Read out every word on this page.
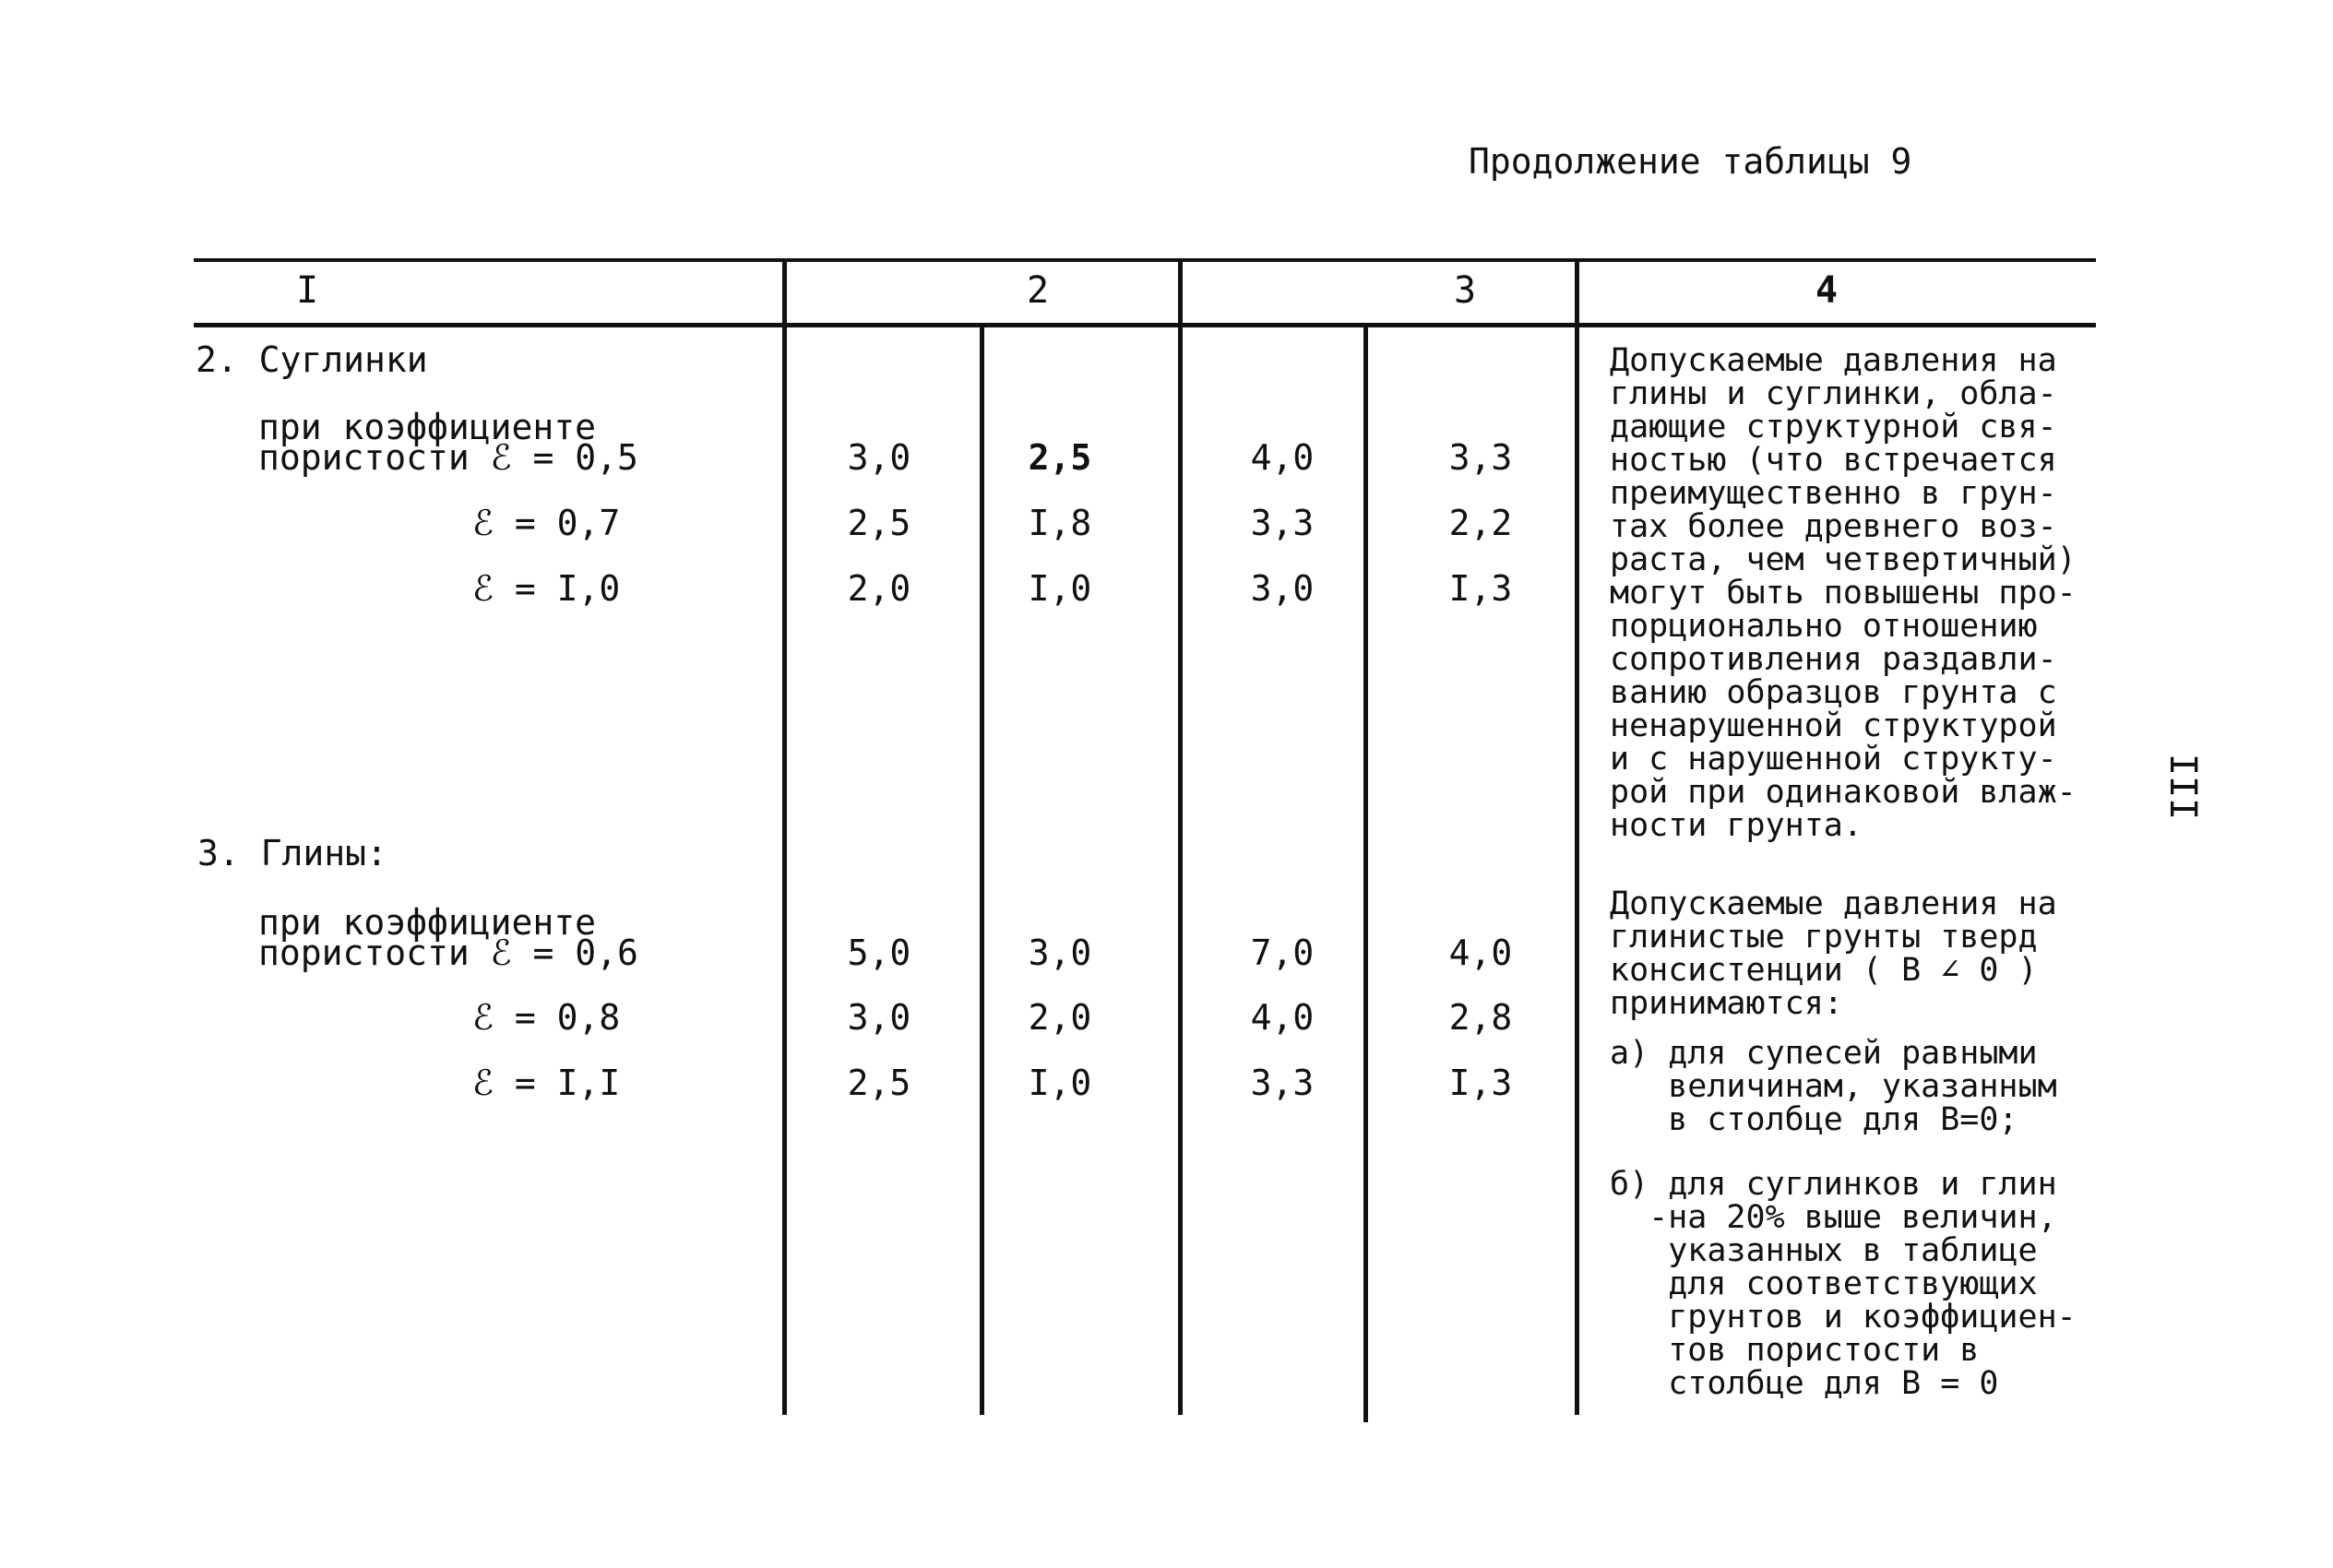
Продолжение таблицы 9
III
I	2	3	4
2. Суглинки
при коэффициенте
пористости ℰ = 0,5	3,0	2,5	4,0	3,3
ℰ = 0,7	2,5	I,8	3,3	2,2
ℰ = I,0	2,0	I,0	3,0	I,3
Допускаемые давления на
глины и суглинки, обла-
дающие структурной свя-
ностью (что встречается
преимущественно в грун-
тах более древнего воз-
раста, чем четвертичный)
могут быть повышены про-
порционально отношению
сопротивления раздавли-
ванию образцов грунта с
ненарушенной структурой
и с нарушенной структу-
рой при одинаковой влаж-
ности грунта.
3. Глины:
при коэффициенте
пористости ℰ = 0,6	5,0	3,0	7,0	4,0
ℰ = 0,8	3,0	2,0	4,0	2,8
ℰ = I,I	2,5	I,0	3,3	I,3
Допускаемые давления на
глинистые грунты тверд
консистенции ( B ∠ 0 )
принимаются:
а) для супесей равными
величинам, указанным
в столбце для B=0;
б) для суглинков и глин
-на 20% выше величин,
указанных в таблице
для соответствующих
грунтов и коэффициен-
тов пористости в
столбце для B = 0
